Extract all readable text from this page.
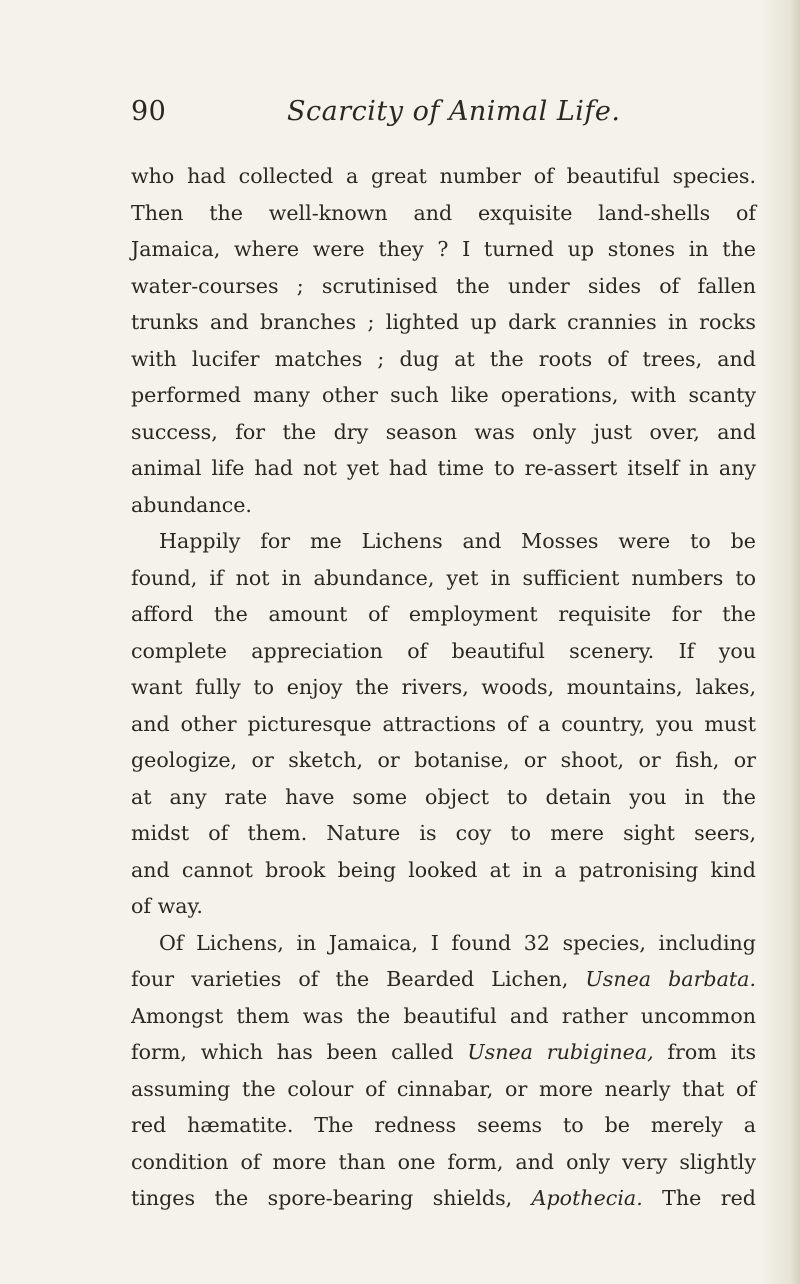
90	Scarcity of Animal Life.
who had collected a great number of beautiful species.
Then the well-known and exquisite land-shells of
Jamaica, where were they ? I turned up stones in the
water-courses ; scrutinised the under sides of fallen
trunks and branches ; lighted up dark crannies in rocks
with lucifer matches ; dug at the roots of trees, and
performed many other such like operations, with scanty
success, for the dry season was only just over, and
animal life had not yet had time to re-assert itself in any
abundance.
Happily for me Lichens and Mosses were to be
found, if not in abundance, yet in sufficient numbers to
afford the amount of employment requisite for the
complete appreciation of beautiful scenery. If you
want fully to enjoy the rivers, woods, mountains, lakes,
and other picturesque attractions of a country, you must
geologize, or sketch, or botanise, or shoot, or fish, or
at any rate have some object to detain you in the
midst of them. Nature is coy to mere sight seers,
and cannot brook being looked at in a patronising kind
of way.
Of Lichens, in Jamaica, I found 32 species, including
four varieties of the Bearded Lichen, Usnea barbata.
Amongst them was the beautiful and rather uncommon
form, which has been called Usnea rubiginea, from its
assuming the colour of cinnabar, or more nearly that of
red hæmatite. The redness seems to be merely a
condition of more than one form, and only very slightly
tinges the spore-bearing shields, Apothecia. The red
